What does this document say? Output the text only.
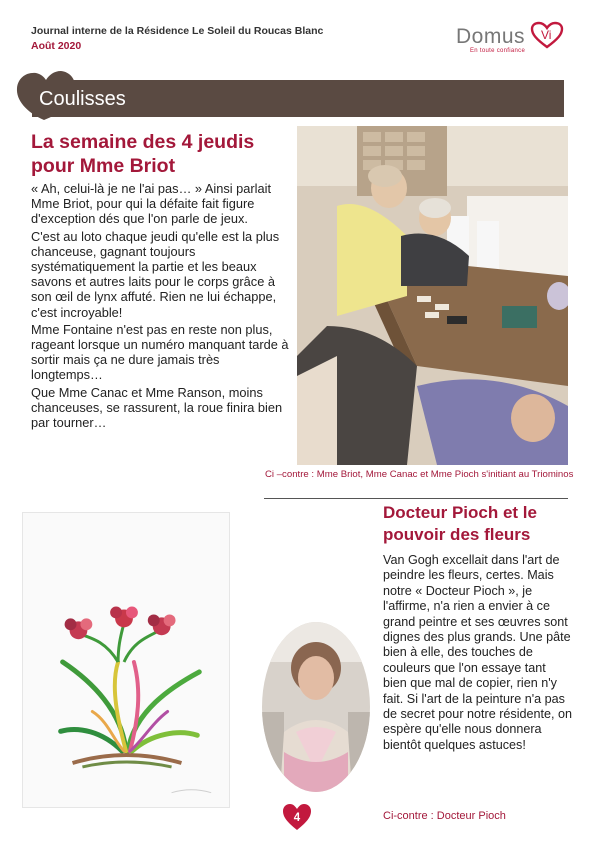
Journal interne de la Résidence Le Soleil du Roucas Blanc
Août 2020	Domus Vi
En toute confiance
Coulisses
La semaine des 4 jeudis pour Mme Briot

« Ah, celui-là je ne l'ai pas… » Ainsi parlait Mme Briot, pour qui la défaite fait figure d'exception dés que l'on parle de jeux.

C'est au loto chaque jeudi qu'elle est la plus chanceuse, gagnant toujours systématiquement la partie et les beaux savons et autres laits pour le corps grâce à son œil de lynx affuté. Rien ne lui échappe, c'est incroyable!

Mme Fontaine n'est pas en reste non plus, rageant lorsque un numéro manquant tarde à sortir mais ça ne dure jamais très longtemps…

Que Mme Canac et Mme Ranson, moins chanceuses, se rassurent, la roue finira bien par tourner…

Ci –contre : Mme Briot, Mme Canac et Mme Pioch s'initiant au Triominos
Docteur Pioch et le pouvoir des fleurs
Van Gogh excellait dans l'art de peindre les fleurs, certes. Mais notre « Docteur Pioch », je l'affirme, n'a rien a envier à ce grand peintre et ses œuvres sont dignes des plus grands. Une pâte bien à elle, des touches de couleurs que l'on essaye tant bien que mal de copier, rien n'y fait. Si l'art de la peinture n'a pas de secret pour notre résidente, on espère qu'elle nous donnera bientôt quelques astuces!
Ci-contre : Docteur Pioch
4
